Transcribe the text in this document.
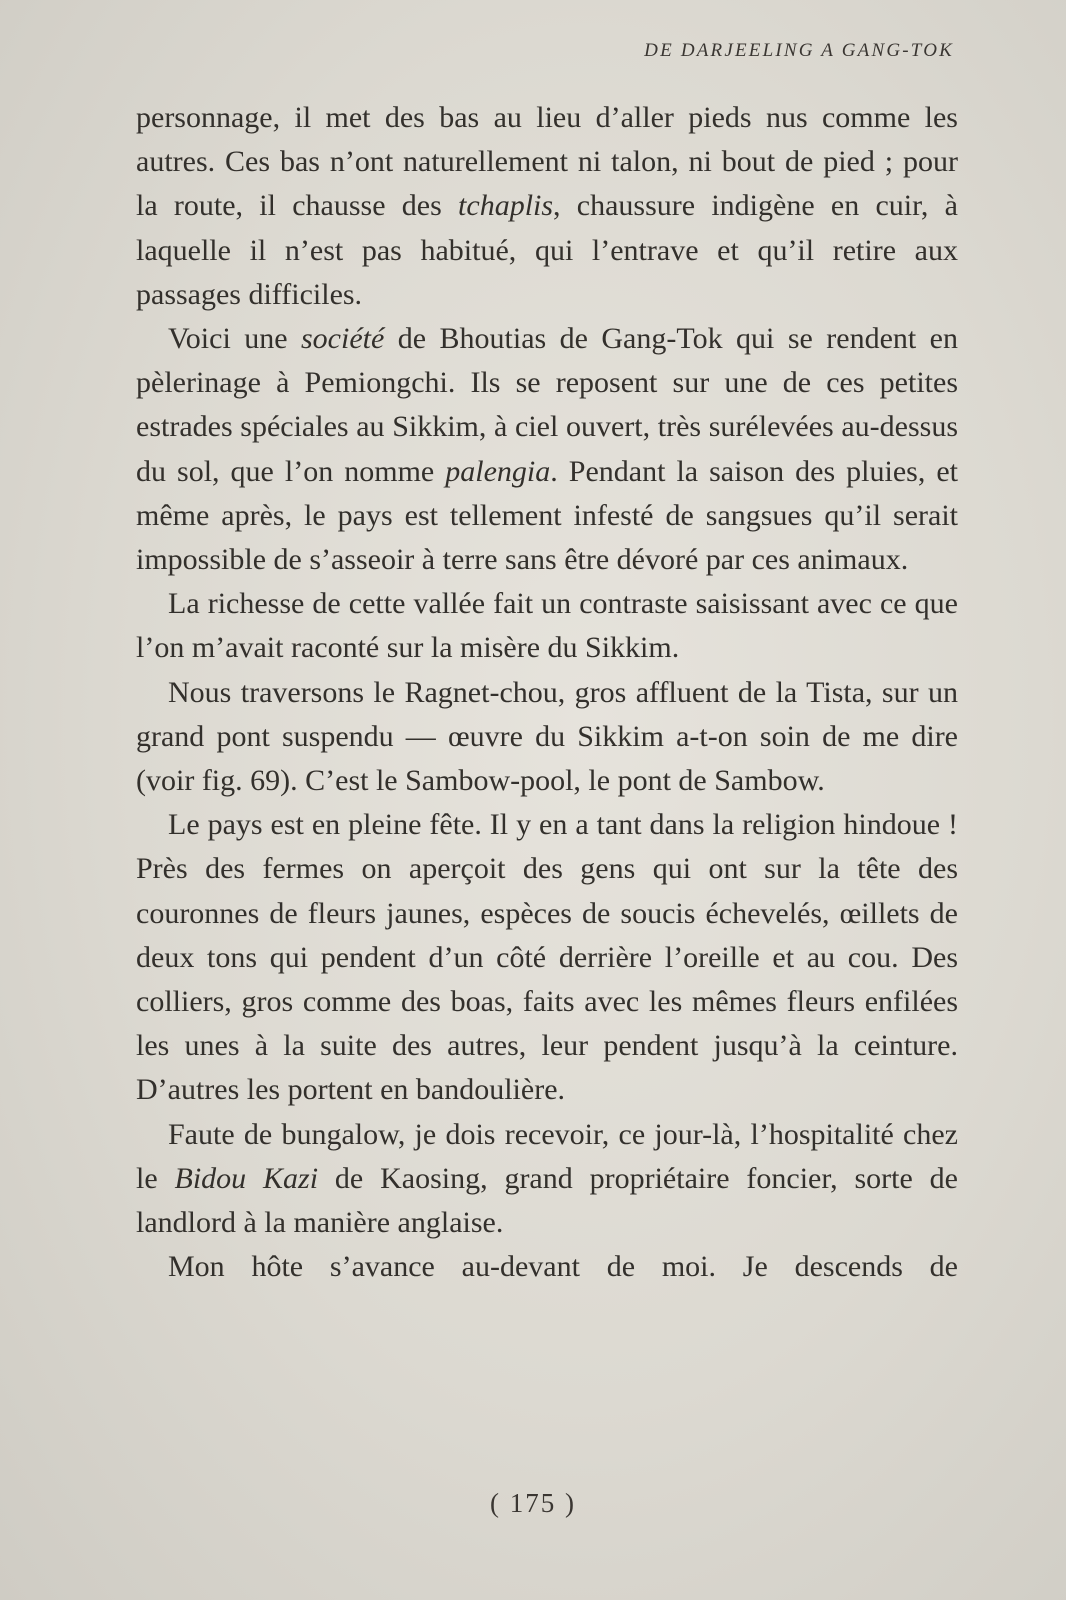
DE DARJEELING A GANG-TOK

personnage, il met des bas au lieu d’aller pieds nus comme les autres. Ces bas n’ont naturellement ni talon, ni bout de pied ; pour la route, il chausse des tchaplis, chaussure indigène en cuir, à laquelle il n’est pas habitué, qui l’entrave et qu’il retire aux passages difficiles.

Voici une société de Bhoutias de Gang-Tok qui se rendent en pèlerinage à Pemiongchi. Ils se reposent sur une de ces petites estrades spéciales au Sikkim, à ciel ouvert, très surélevées au-dessus du sol, que l’on nomme palengia. Pendant la saison des pluies, et même après, le pays est tellement infesté de sangsues qu’il serait impossible de s’asseoir à terre sans être dévoré par ces animaux.

La richesse de cette vallée fait un contraste saisissant avec ce que l’on m’avait raconté sur la misère du Sikkim.

Nous traversons le Ragnet-chou, gros affluent de la Tista, sur un grand pont suspendu — œuvre du Sikkim a-t-on soin de me dire (voir fig. 69). C’est le Sambow-pool, le pont de Sambow.

Le pays est en pleine fête. Il y en a tant dans la religion hindoue ! Près des fermes on aperçoit des gens qui ont sur la tête des couronnes de fleurs jaunes, espèces de soucis échevelés, œillets de deux tons qui pendent d’un côté derrière l’oreille et au cou. Des colliers, gros comme des boas, faits avec les mêmes fleurs enfilées les unes à la suite des autres, leur pendent jusqu’à la ceinture. D’autres les portent en bandoulière.

Faute de bungalow, je dois recevoir, ce jour-là, l’hospitalité chez le Bidou Kazi de Kaosing, grand propriétaire foncier, sorte de landlord à la manière anglaise.

Mon hôte s’avance au-devant de moi. Je descends de

( 175 )
